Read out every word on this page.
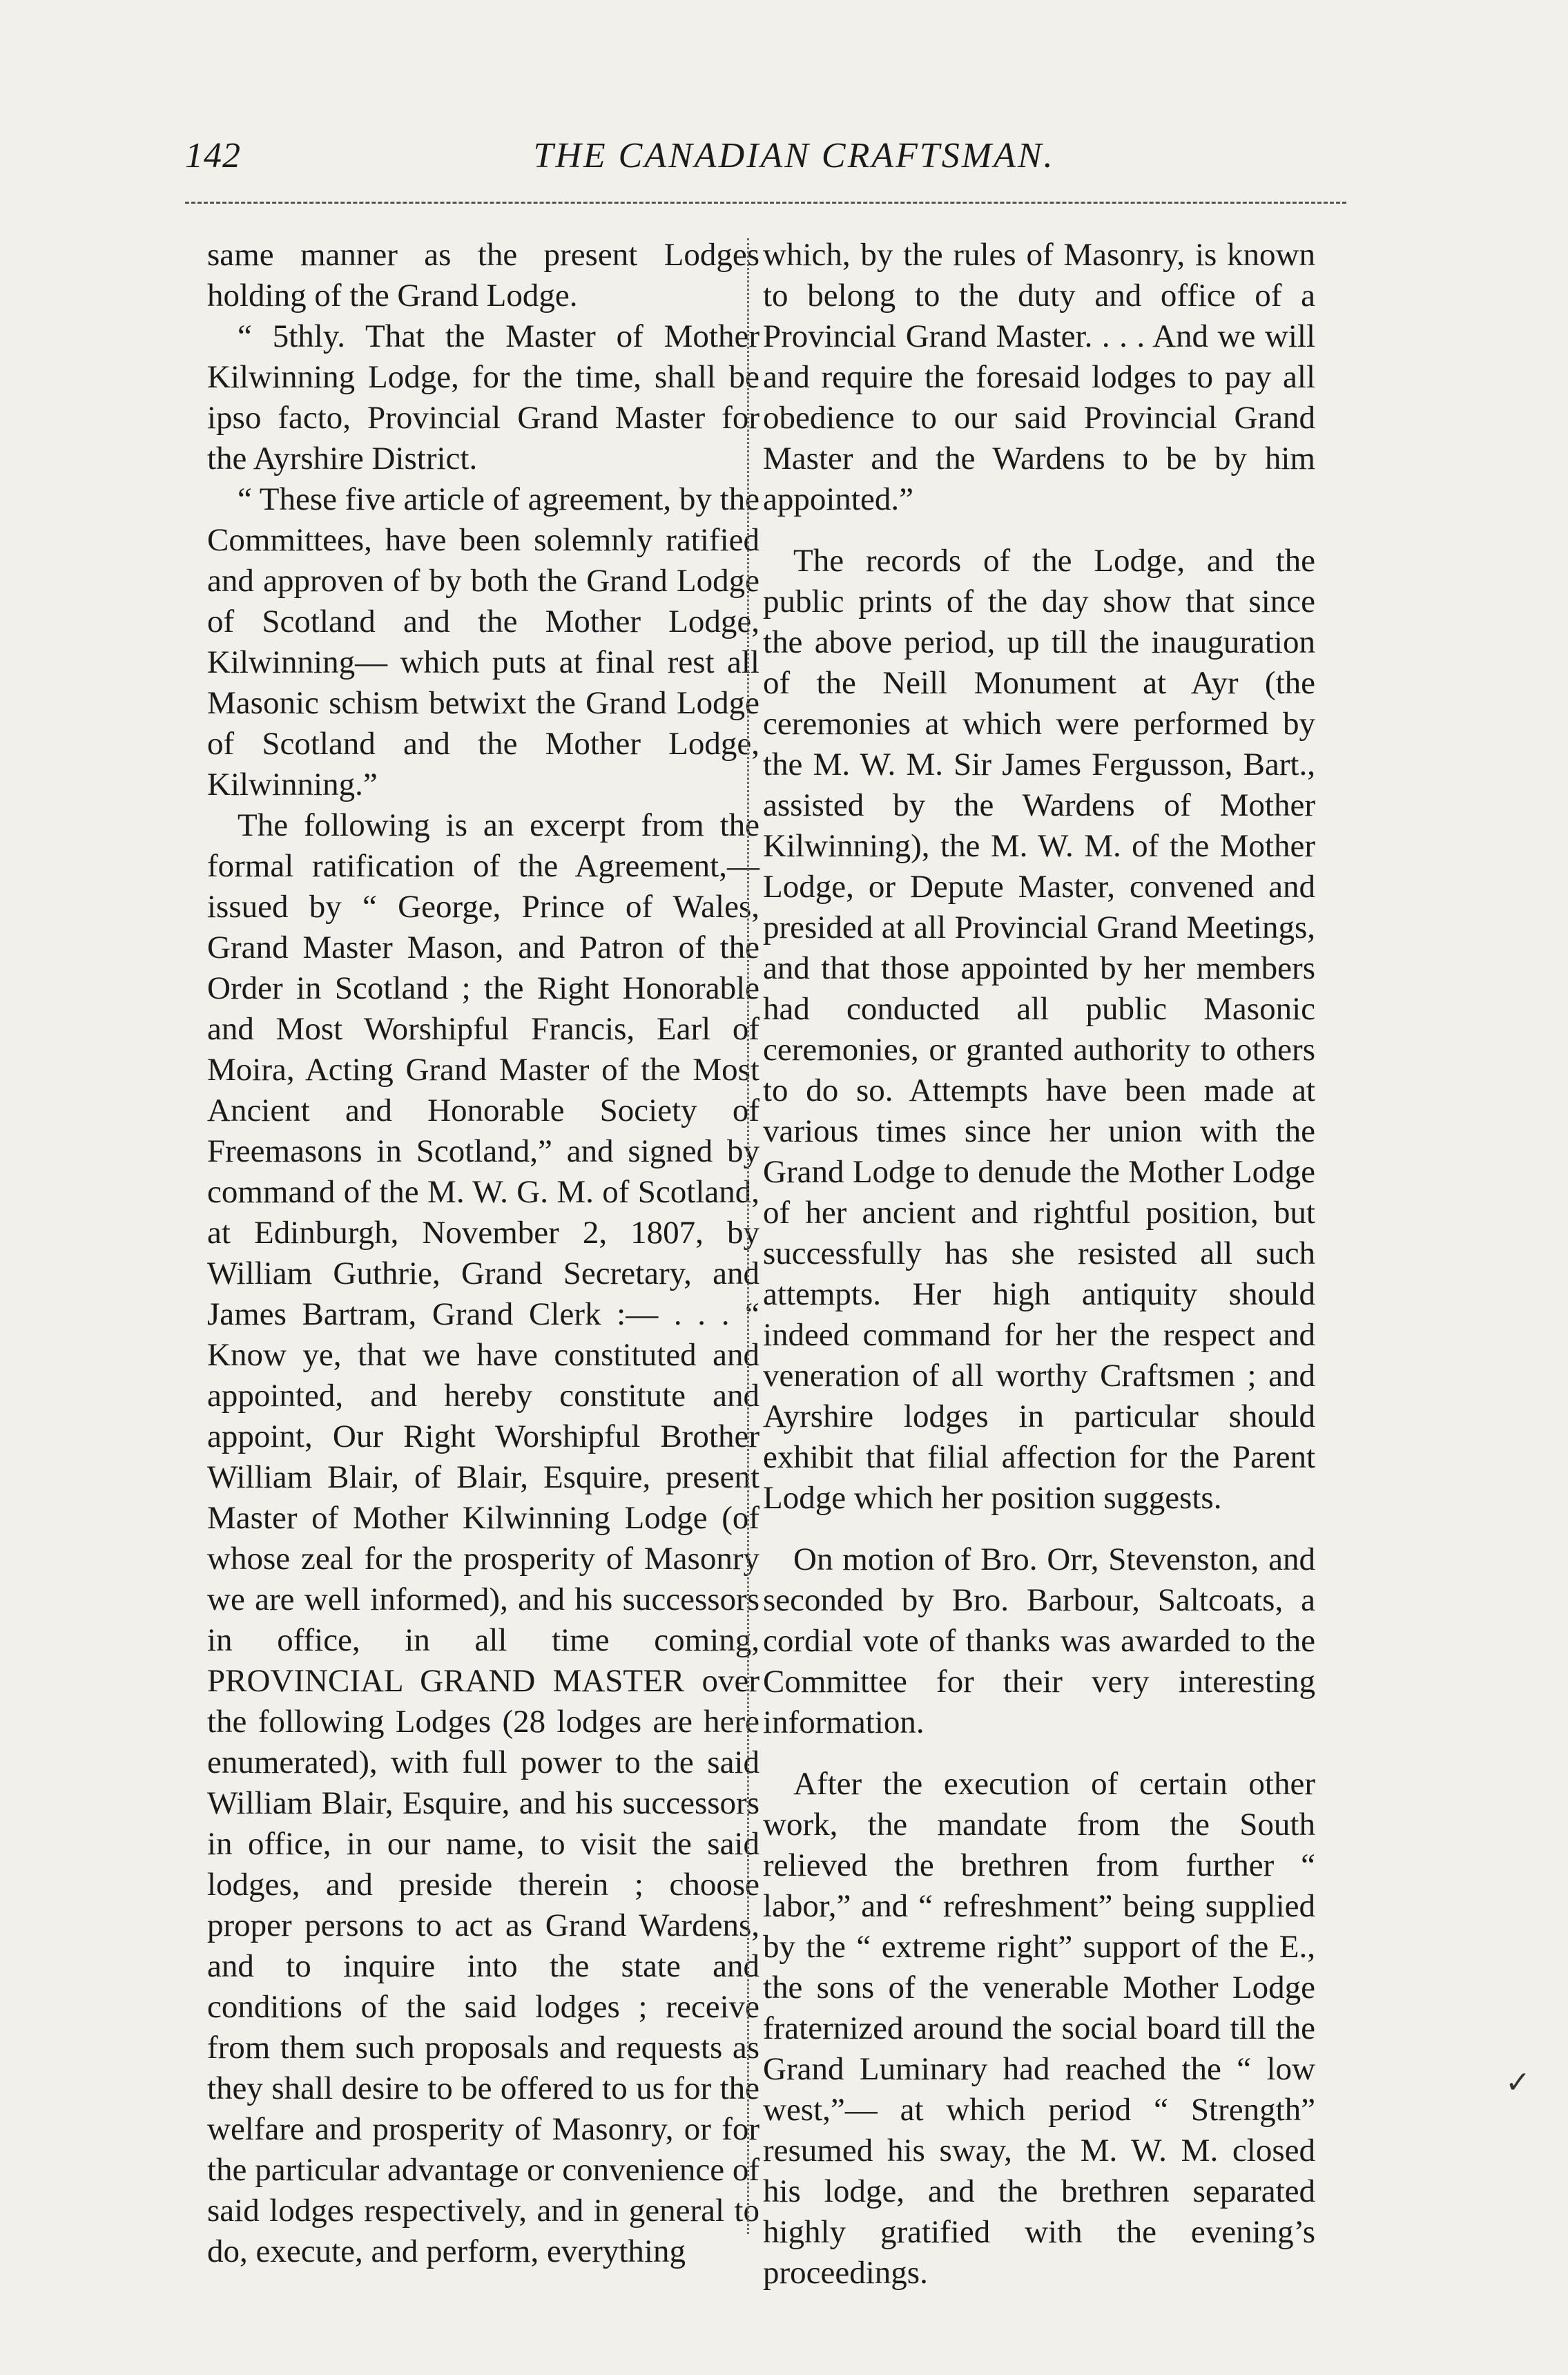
142	THE CANADIAN CRAFTSMAN.

same manner as the present Lodges holding of the Grand Lodge.

“ 5thly. That the Master of Mother Kilwinning Lodge, for the time, shall be ipso facto, Provincial Grand Master for the Ayrshire District.

“ These five article of agreement, by the Committees, have been solemnly ratified and approven of by both the Grand Lodge of Scotland and the Mother Lodge, Kilwinning— which puts at final rest all Masonic schism betwixt the Grand Lodge of Scotland and the Mother Lodge, Kilwinning.”

The following is an excerpt from the formal ratification of the Agreement,—issued by “ George, Prince of Wales, Grand Master Mason, and Patron of the Order in Scotland ; the Right Honorable and Most Worshipful Francis, Earl of Moira, Acting Grand Master of the Most Ancient and Honorable Society of Freemasons in Scotland,” and signed by command of the M. W. G. M. of Scotland, at Edinburgh, November 2, 1807, by William Guthrie, Grand Secretary, and James Bartram, Grand Clerk :— . . . “ Know ye, that we have constituted and appointed, and hereby constitute and appoint, Our Right Worshipful Brother William Blair, of Blair, Esquire, present Master of Mother Kilwinning Lodge (of whose zeal for the prosperity of Masonry we are well informed), and his successors in office, in all time coming, PROVINCIAL GRAND MASTER over the following Lodges (28 lodges are here enumerated), with full power to the said William Blair, Esquire, and his successors in office, in our name, to visit the said lodges, and preside therein ; choose proper persons to act as Grand Wardens, and to inquire into the state and conditions of the said lodges ; receive from them such proposals and requests as they shall desire to be offered to us for the welfare and prosperity of Masonry, or for the particular advantage or convenience of said lodges respectively, and in general to do, execute, and perform, everything

which, by the rules of Masonry, is known to belong to the duty and office of a Provincial Grand Master. . . . And we will and require the foresaid lodges to pay all obedience to our said Provincial Grand Master and the Wardens to be by him appointed.”

The records of the Lodge, and the public prints of the day show that since the above period, up till the inauguration of the Neill Monument at Ayr (the ceremonies at which were performed by the M. W. M. Sir James Fergusson, Bart., assisted by the Wardens of Mother Kilwinning), the M. W. M. of the Mother Lodge, or Depute Master, convened and presided at all Provincial Grand Meetings, and that those appointed by her members had conducted all public Masonic ceremonies, or granted authority to others to do so. Attempts have been made at various times since her union with the Grand Lodge to denude the Mother Lodge of her ancient and rightful position, but successfully has she resisted all such attempts. Her high antiquity should indeed command for her the respect and veneration of all worthy Craftsmen ; and Ayrshire lodges in particular should exhibit that filial affection for the Parent Lodge which her position suggests.

On motion of Bro. Orr, Stevenston, and seconded by Bro. Barbour, Saltcoats, a cordial vote of thanks was awarded to the Committee for their very interesting information.

After the execution of certain other work, the mandate from the South relieved the brethren from further “ labor,” and “ refreshment” being supplied by the “ extreme right” support of the E., the sons of the venerable Mother Lodge fraternized around the social board till the Grand Luminary had reached the “ low west,”— at which period “ Strength” resumed his sway, the M. W. M. closed his lodge, and the brethren separated highly gratified with the evening’s proceedings.

✓
